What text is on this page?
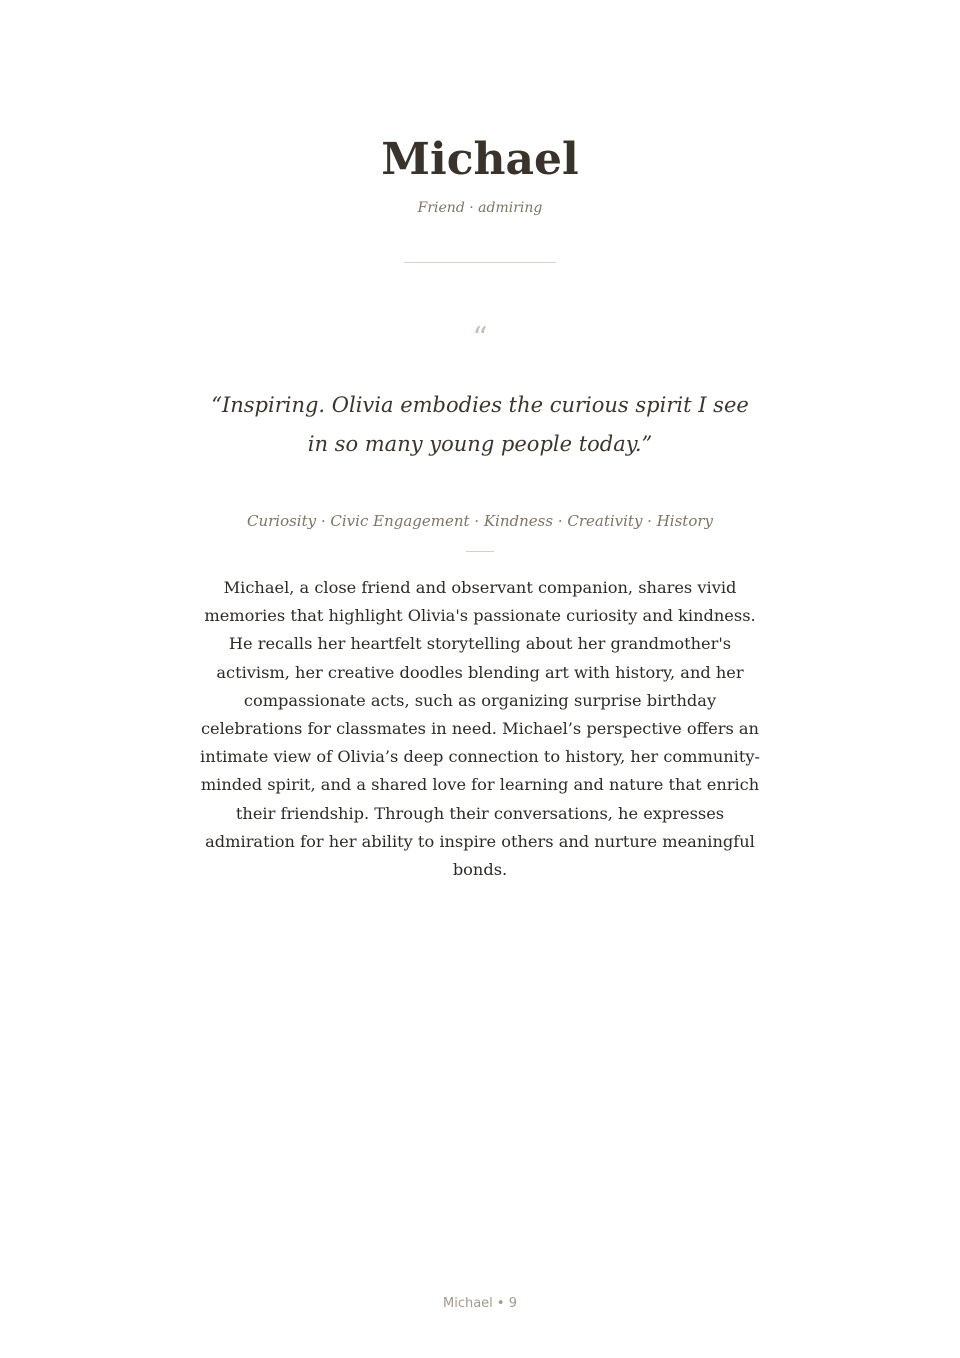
Michael
Friend · admiring
“

“Inspiring. Olivia embodies the curious spirit I see in so many young people today.”

Curiosity · Civic Engagement · Kindness · Creativity · History

Michael, a close friend and observant companion, shares vivid memories that highlight Olivia's passionate curiosity and kindness. He recalls her heartfelt storytelling about her grandmother's activism, her creative doodles blending art with history, and her compassionate acts, such as organizing surprise birthday celebrations for classmates in need. Michael’s perspective offers an intimate view of Olivia’s deep connection to history, her community-minded spirit, and a shared love for learning and nature that enrich their friendship. Through their conversations, he expresses admiration for her ability to inspire others and nurture meaningful bonds.

Michael • 9
